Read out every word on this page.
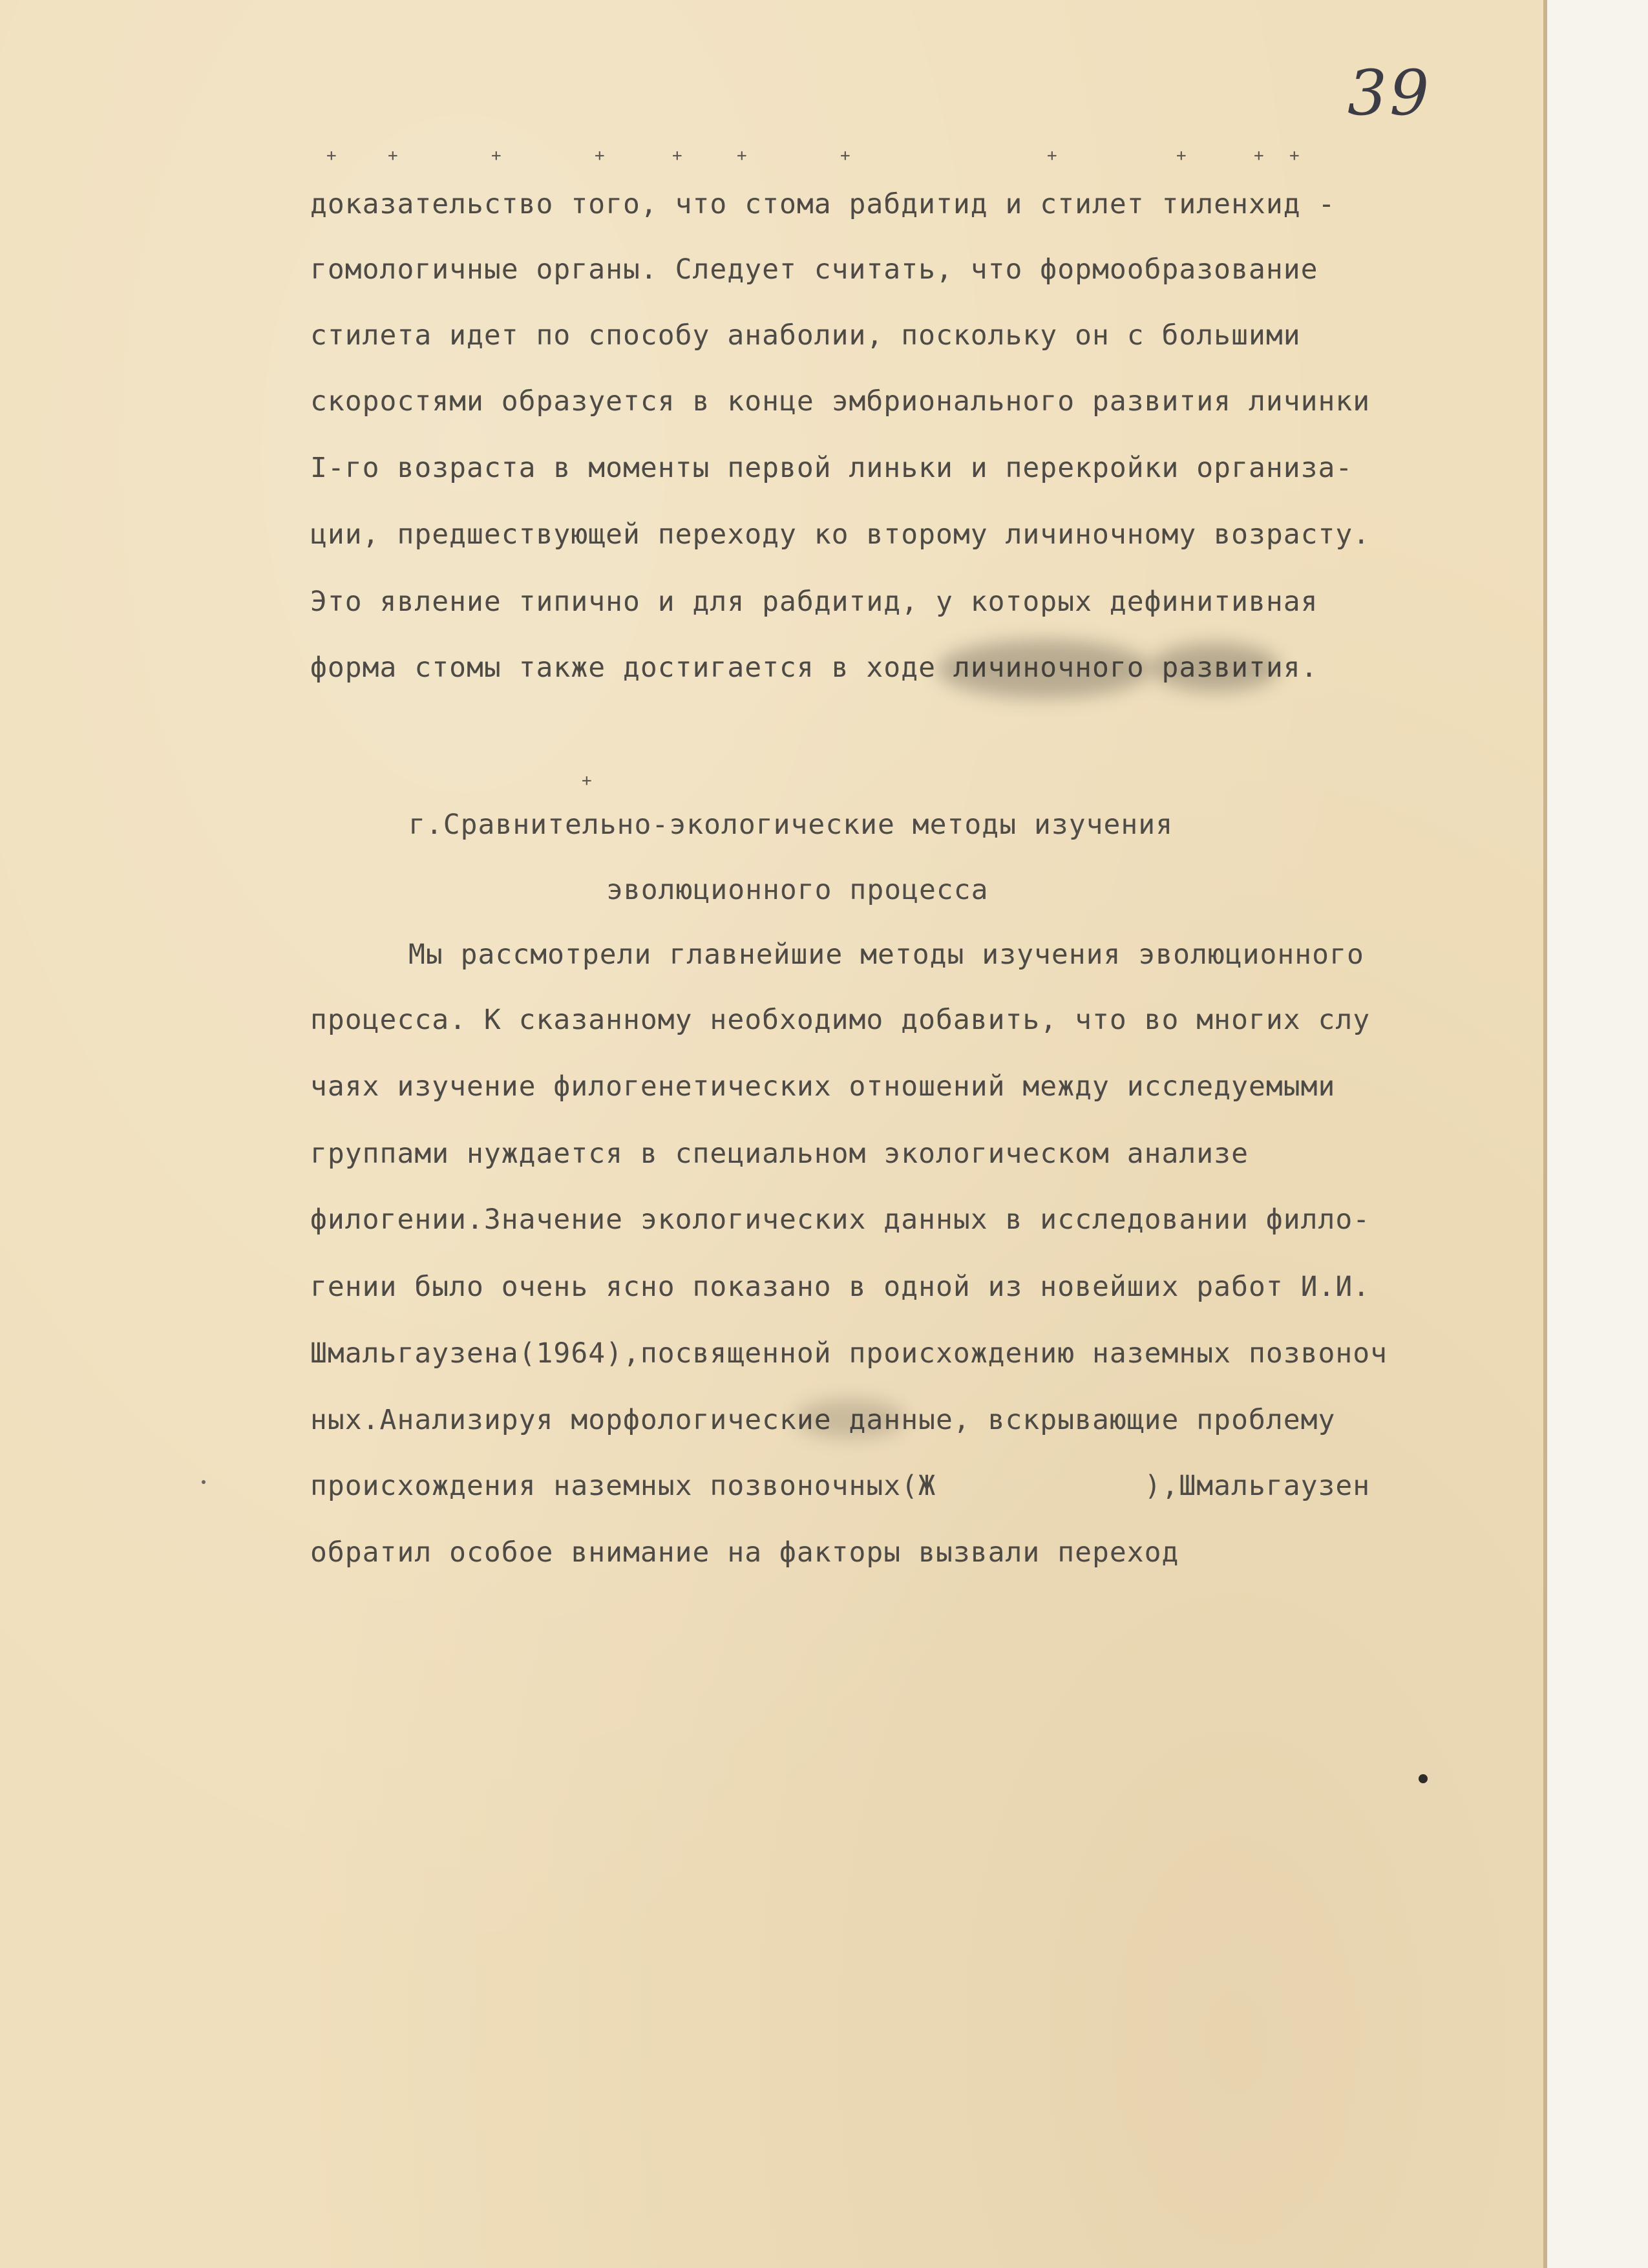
39
+	+	+	+	+	+	+	+	+	+ +
доказательство того, что стома рабдитид и стилет тиленхид -
гомологичные органы. Следует считать, что формообразование
стилета идет по способу анаболии, поскольку он с большими
скоростями образуется в конце эмбрионального развития личинки
I-го возраста в моменты первой линьки и перекройки организа-
ции, предшествующей переходу ко второму личиночному возрасту.
Это явление типично и для рабдитид, у которых дефинитивная
форма стомы также достигается в ходе личиночного развития.
+
г.Сравнительно-экологические методы изучения
эволюционного процесса
Мы рассмотрели главнейшие методы изучения эволюционного
процесса. К сказанному необходимо добавить, что во многих слу
чаях изучение филогенетических отношений между исследуемыми
группами нуждается в специальном экологическом анализе
филогении.Значение экологических данных в исследовании филло-
гении было очень ясно показано в одной из новейших работ И.И.
Шмальгаузена(1964),посвященной происхождению наземных позвоноч
ных.Анализируя морфологические данные, вскрывающие проблему
происхождения наземных позвоночных(Ж            ),Шмальгаузен
обратил особое внимание на факторы вызвали переход
